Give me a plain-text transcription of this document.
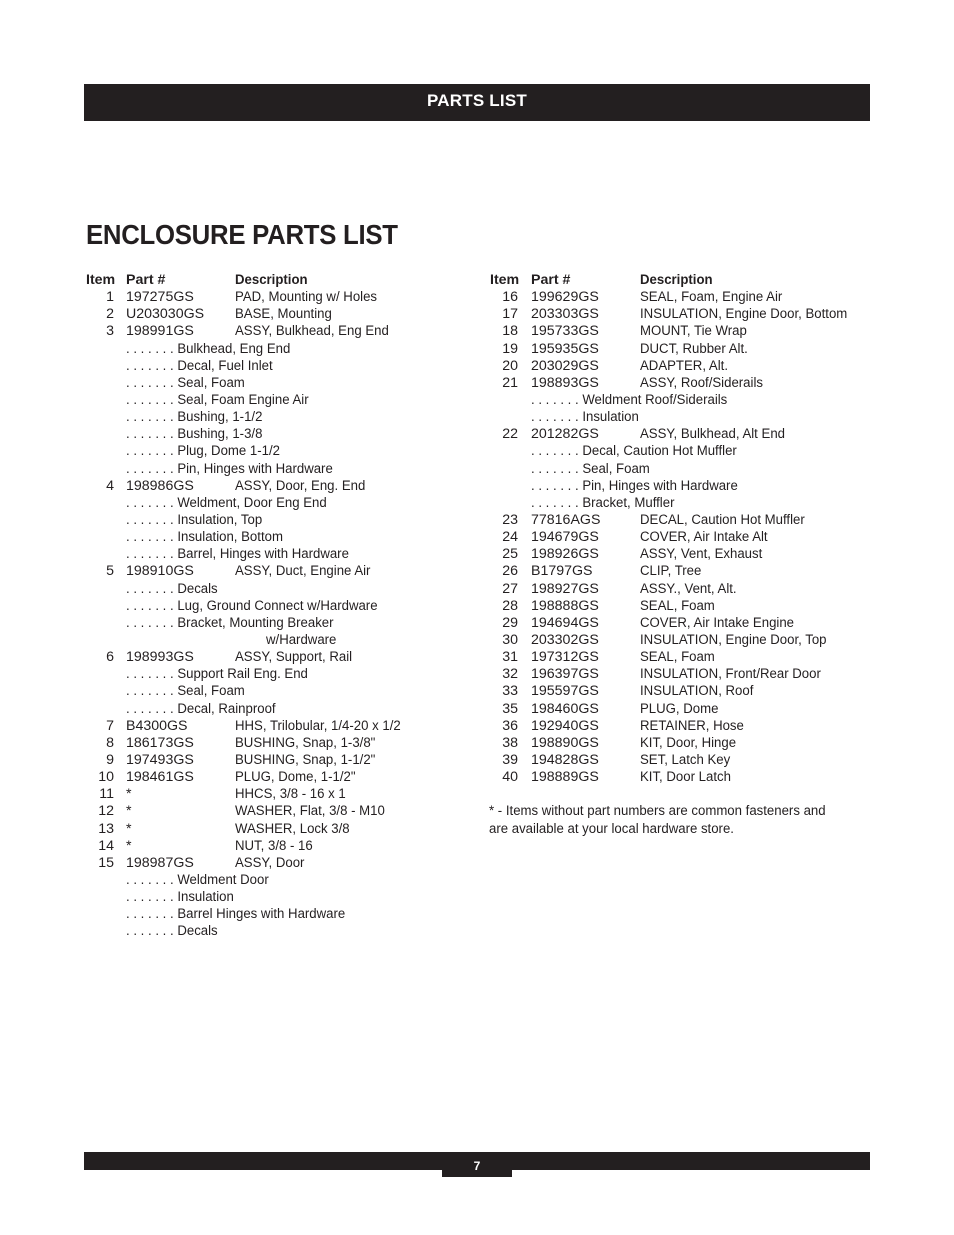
PARTS LIST
ENCLOSURE PARTS LIST
Item Part #	Description
1 197275GS	PAD, Mounting w/ Holes
2 U203030GS BASE, Mounting
3 198991GS	ASSY, Bulkhead, Eng End
. . . . . . . Bulkhead, Eng End
. . . . . . . Decal, Fuel Inlet
. . . . . . . Seal, Foam
. . . . . . . Seal, Foam Engine Air
. . . . . . . Bushing, 1-1/2
. . . . . . . Bushing, 1-3/8
. . . . . . . Plug, Dome 1-1/2
. . . . . . . Pin, Hinges with Hardware
4 198986GS	ASSY, Door, Eng. End
. . . . . . . Weldment, Door Eng End
. . . . . . . Insulation, Top
. . . . . . . Insulation, Bottom
. . . . . . . Barrel, Hinges with Hardware
5 198910GS	ASSY, Duct, Engine Air
. . . . . . . Decals
. . . . . . . Lug, Ground Connect w/Hardware
. . . . . . . Bracket, Mounting Breaker
w/Hardware
6 198993GS	ASSY, Support, Rail
. . . . . . . Support Rail Eng. End
. . . . . . . Seal, Foam
. . . . . . . Decal, Rainproof
7 B4300GS	HHS, Trilobular, 1/4-20 x 1/2
8 186173GS	BUSHING, Snap, 1-3/8"
9 197493GS	BUSHING, Snap, 1-1/2"
10 198461GS	PLUG, Dome, 1-1/2"
11 *	HHCS, 3/8 - 16 x 1
12 *	WASHER, Flat, 3/8 - M10
13 *	WASHER, Lock 3/8
14 *	NUT, 3/8 - 16
15 198987GS	ASSY, Door
. . . . . . . Weldment Door
. . . . . . . Insulation
. . . . . . . Barrel Hinges with Hardware
. . . . . . . Decals
Item Part #	Description
16 199629GS	SEAL, Foam, Engine Air
17 203303GS	INSULATION, Engine Door, Bottom
18 195733GS	MOUNT, Tie Wrap
19 195935GS	DUCT, Rubber Alt.
20 203029GS	ADAPTER, Alt.
21 198893GS	ASSY, Roof/Siderails
. . . . . . . Weldment Roof/Siderails
. . . . . . . Insulation
22 201282GS	ASSY, Bulkhead, Alt End
. . . . . . . Decal, Caution Hot Muffler
. . . . . . . Seal, Foam
. . . . . . . Pin, Hinges with Hardware
. . . . . . . Bracket, Muffler
23 77816AGS	DECAL, Caution Hot Muffler
24 194679GS	COVER, Air Intake Alt
25 198926GS	ASSY, Vent, Exhaust
26 B1797GS	CLIP, Tree
27 198927GS	ASSY., Vent, Alt.
28 198888GS	SEAL, Foam
29 194694GS	COVER, Air Intake Engine
30 203302GS	INSULATION, Engine Door, Top
31 197312GS	SEAL, Foam
32 196397GS	INSULATION, Front/Rear Door
33 195597GS	INSULATION, Roof
35 198460GS	PLUG, Dome
36 192940GS	RETAINER, Hose
38 198890GS	KIT, Door, Hinge
39 194828GS	SET, Latch Key
40 198889GS	KIT, Door Latch
* - Items without part numbers are common fasteners and are available at your local hardware store.
7
